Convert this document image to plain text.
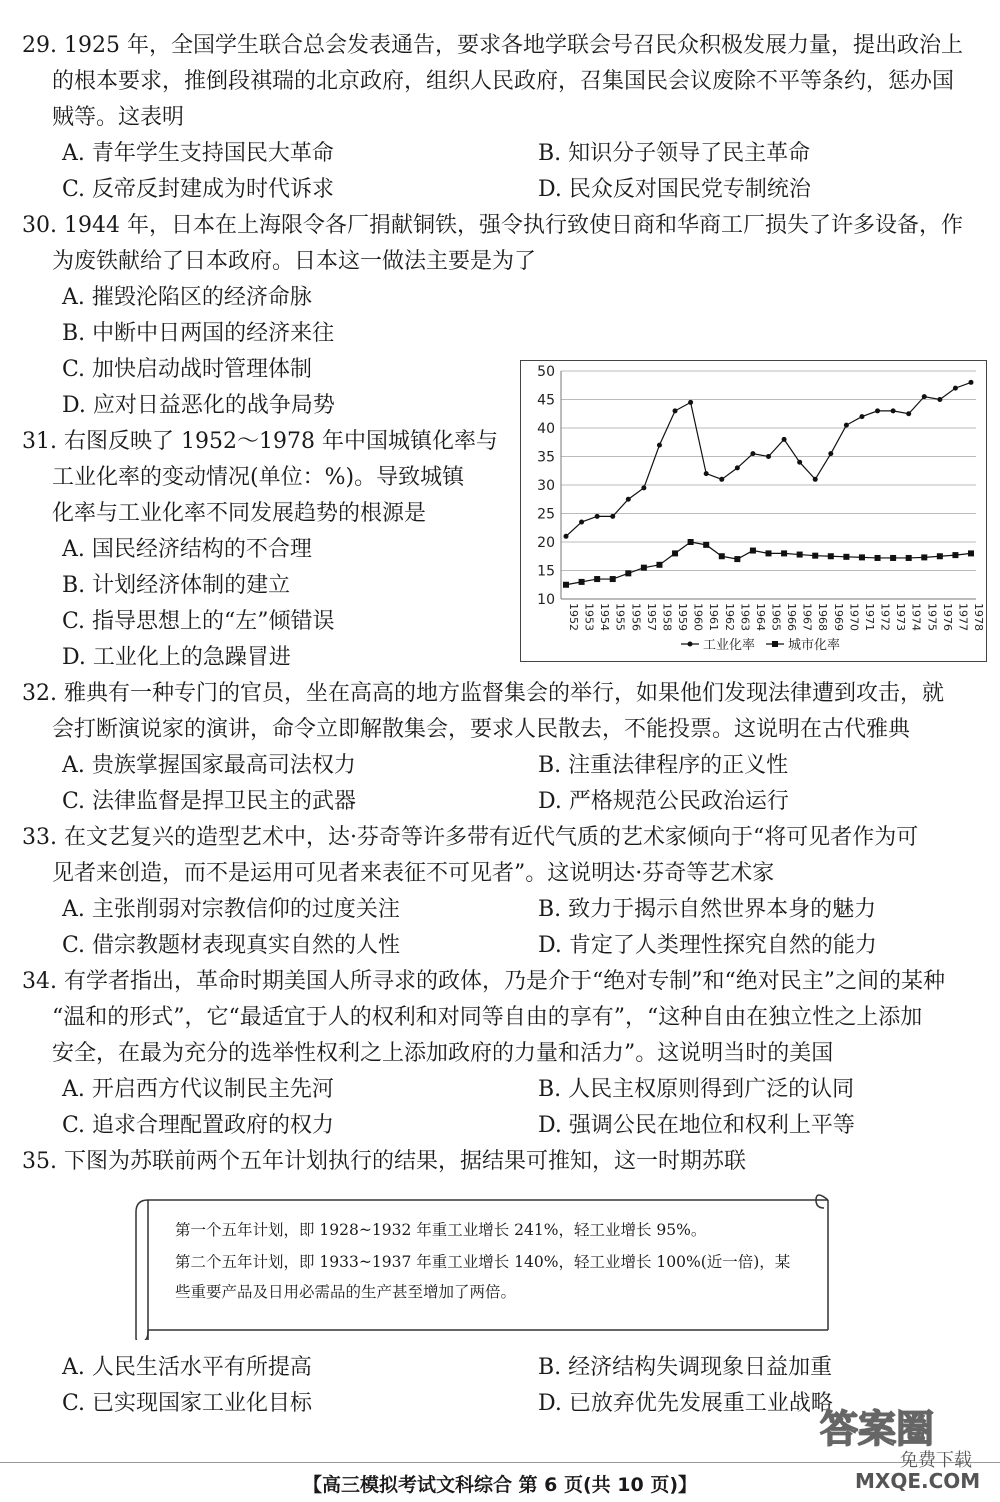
29. 1925 年，全国学生联合总会发表通告，要求各地学联会号召民众积极发展力量，提出政治上
的根本要求，推倒段祺瑞的北京政府，组织人民政府，召集国民会议废除不平等条约，惩办国
贼等。这表明
A. 青年学生支持国民大革命	B. 知识分子领导了民主革命
C. 反帝反封建成为时代诉求	D. 民众反对国民党专制统治
30. 1944 年，日本在上海限令各厂捐献铜铁，强令执行致使日商和华商工厂损失了许多设备，作
为废铁献给了日本政府。日本这一做法主要是为了
A. 摧毁沦陷区的经济命脉
B. 中断中日两国的经济来往
C. 加快启动战时管理体制
D. 应对日益恶化的战争局势
31. 右图反映了 1952～1978 年中国城镇化率与
工业化率的变动情况(单位：%)。导致城镇
化率与工业化率不同发展趋势的根源是
A. 国民经济结构的不合理
B. 计划经济体制的建立
C. 指导思想上的“左”倾错误
D. 工业化上的急躁冒进
10
15
20
25
30
35
40
45
50
1952 1953 1954 1955 1956 1957 1958 1959 1960 1961 1962 1963 1964 1965 1966 1967 1968 1969 1970 1971 1972 1973 1974 1975 1976 1977 1978
工业化率	城市化率
32. 雅典有一种专门的官员，坐在高高的地方监督集会的举行，如果他们发现法律遭到攻击，就
会打断演说家的演讲，命令立即解散集会，要求人民散去，不能投票。这说明在古代雅典
A. 贵族掌握国家最高司法权力	B. 注重法律程序的正义性
C. 法律监督是捍卫民主的武器	D. 严格规范公民政治运行
33. 在文艺复兴的造型艺术中，达·芬奇等许多带有近代气质的艺术家倾向于“将可见者作为可
见者来创造，而不是运用可见者来表征不可见者”。这说明达·芬奇等艺术家
A. 主张削弱对宗教信仰的过度关注	B. 致力于揭示自然世界本身的魅力
C. 借宗教题材表现真实自然的人性	D. 肯定了人类理性探究自然的能力
34. 有学者指出，革命时期美国人所寻求的政体，乃是介于“绝对专制”和“绝对民主”之间的某种
“温和的形式”，它“最适宜于人的权利和对同等自由的享有”，“这种自由在独立性之上添加
安全，在最为充分的选举性权利之上添加政府的力量和活力”。这说明当时的美国
A. 开启西方代议制民主先河	B. 人民主权原则得到广泛的认同
C. 追求合理配置政府的权力	D. 强调公民在地位和权利上平等
35. 下图为苏联前两个五年计划执行的结果，据结果可推知，这一时期苏联
第一个五年计划，即 1928~1932 年重工业增长 241%，轻工业增长 95%。
第二个五年计划，即 1933~1937 年重工业增长 140%，轻工业增长 100%(近一倍)，某
些重要产品及日用必需品的生产甚至增加了两倍。
A. 人民生活水平有所提高	B. 经济结构失调现象日益加重
C. 已实现国家工业化目标	D. 已放弃优先发展重工业战略
【高三模拟考试文科综合 第 6 页(共 10 页)】
答案圈
免费下载
MXQE.COM
